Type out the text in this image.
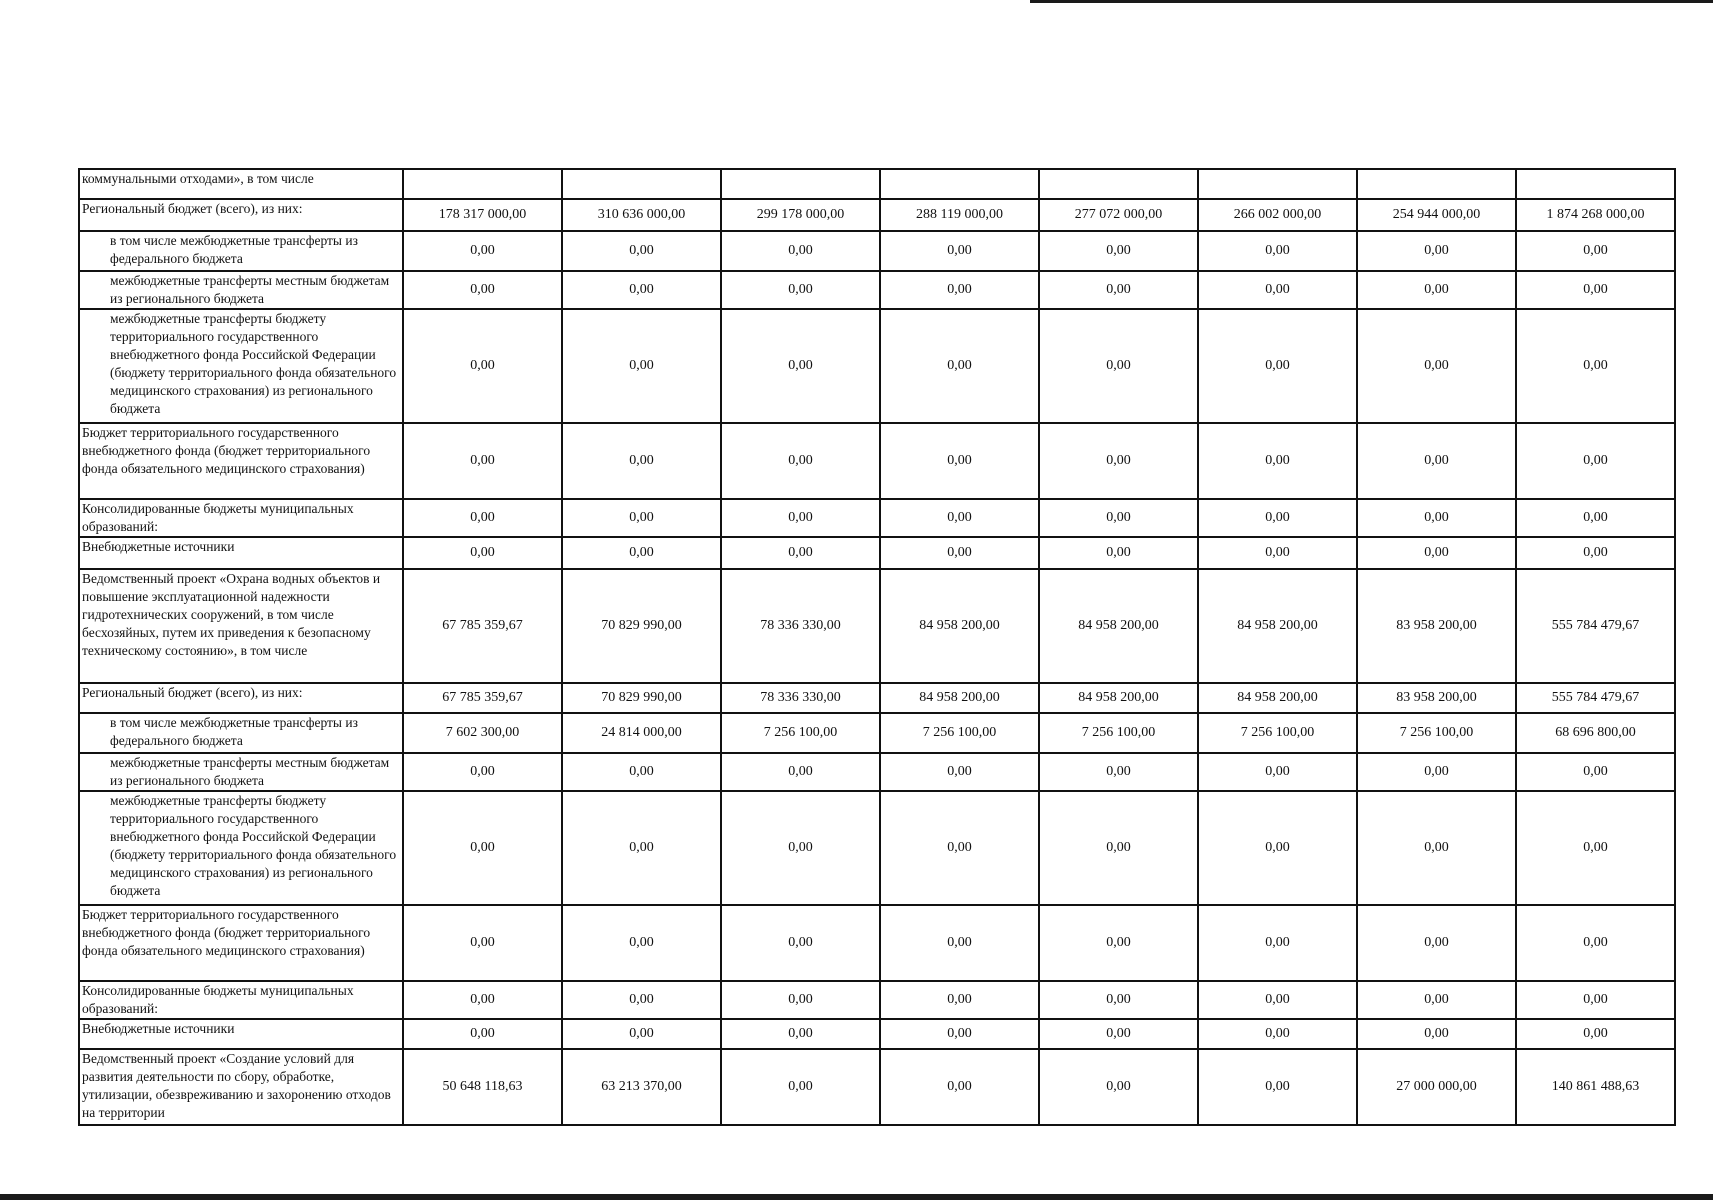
коммунальными отходами», в том числе								
Региональный бюджет (всего), из них:	178 317 000,00	310 636 000,00	299 178 000,00	288 119 000,00	277 072 000,00	266 002 000,00	254 944 000,00	1 874 268 000,00
в том числе межбюджетные трансферты из федерального бюджета	0,00	0,00	0,00	0,00	0,00	0,00	0,00	0,00
межбюджетные трансферты местным бюджетам из регионального бюджета	0,00	0,00	0,00	0,00	0,00	0,00	0,00	0,00
межбюджетные трансферты бюджету территориального государственного внебюджетного фонда Российской Федерации (бюджету территориального фонда обязательного медицинского страхования) из регионального бюджета	0,00	0,00	0,00	0,00	0,00	0,00	0,00	0,00
Бюджет территориального государственного внебюджетного фонда (бюджет территориального фонда обязательного медицинского страхования)	0,00	0,00	0,00	0,00	0,00	0,00	0,00	0,00
Консолидированные бюджеты муниципальных образований:	0,00	0,00	0,00	0,00	0,00	0,00	0,00	0,00
Внебюджетные источники	0,00	0,00	0,00	0,00	0,00	0,00	0,00	0,00
Ведомственный проект «Охрана водных объектов и повышение эксплуатационной надежности гидротехнических сооружений, в том числе бесхозяйных, путем их приведения к безопасному техническому состоянию», в том числе	67 785 359,67	70 829 990,00	78 336 330,00	84 958 200,00	84 958 200,00	84 958 200,00	83 958 200,00	555 784 479,67
Региональный бюджет (всего), из них:	67 785 359,67	70 829 990,00	78 336 330,00	84 958 200,00	84 958 200,00	84 958 200,00	83 958 200,00	555 784 479,67
в том числе межбюджетные трансферты из федерального бюджета	7 602 300,00	24 814 000,00	7 256 100,00	7 256 100,00	7 256 100,00	7 256 100,00	7 256 100,00	68 696 800,00
межбюджетные трансферты местным бюджетам из регионального бюджета	0,00	0,00	0,00	0,00	0,00	0,00	0,00	0,00
межбюджетные трансферты бюджету территориального государственного внебюджетного фонда Российской Федерации (бюджету территориального фонда обязательного медицинского страхования) из регионального бюджета	0,00	0,00	0,00	0,00	0,00	0,00	0,00	0,00
Бюджет территориального государственного внебюджетного фонда (бюджет территориального фонда обязательного медицинского страхования)	0,00	0,00	0,00	0,00	0,00	0,00	0,00	0,00
Консолидированные бюджеты муниципальных образований:	0,00	0,00	0,00	0,00	0,00	0,00	0,00	0,00
Внебюджетные источники	0,00	0,00	0,00	0,00	0,00	0,00	0,00	0,00
Ведомственный проект «Создание условий для развития деятельности по сбору, обработке, утилизации, обезвреживанию и захоронению отходов на территории	50 648 118,63	63 213 370,00	0,00	0,00	0,00	0,00	27 000 000,00	140 861 488,63
